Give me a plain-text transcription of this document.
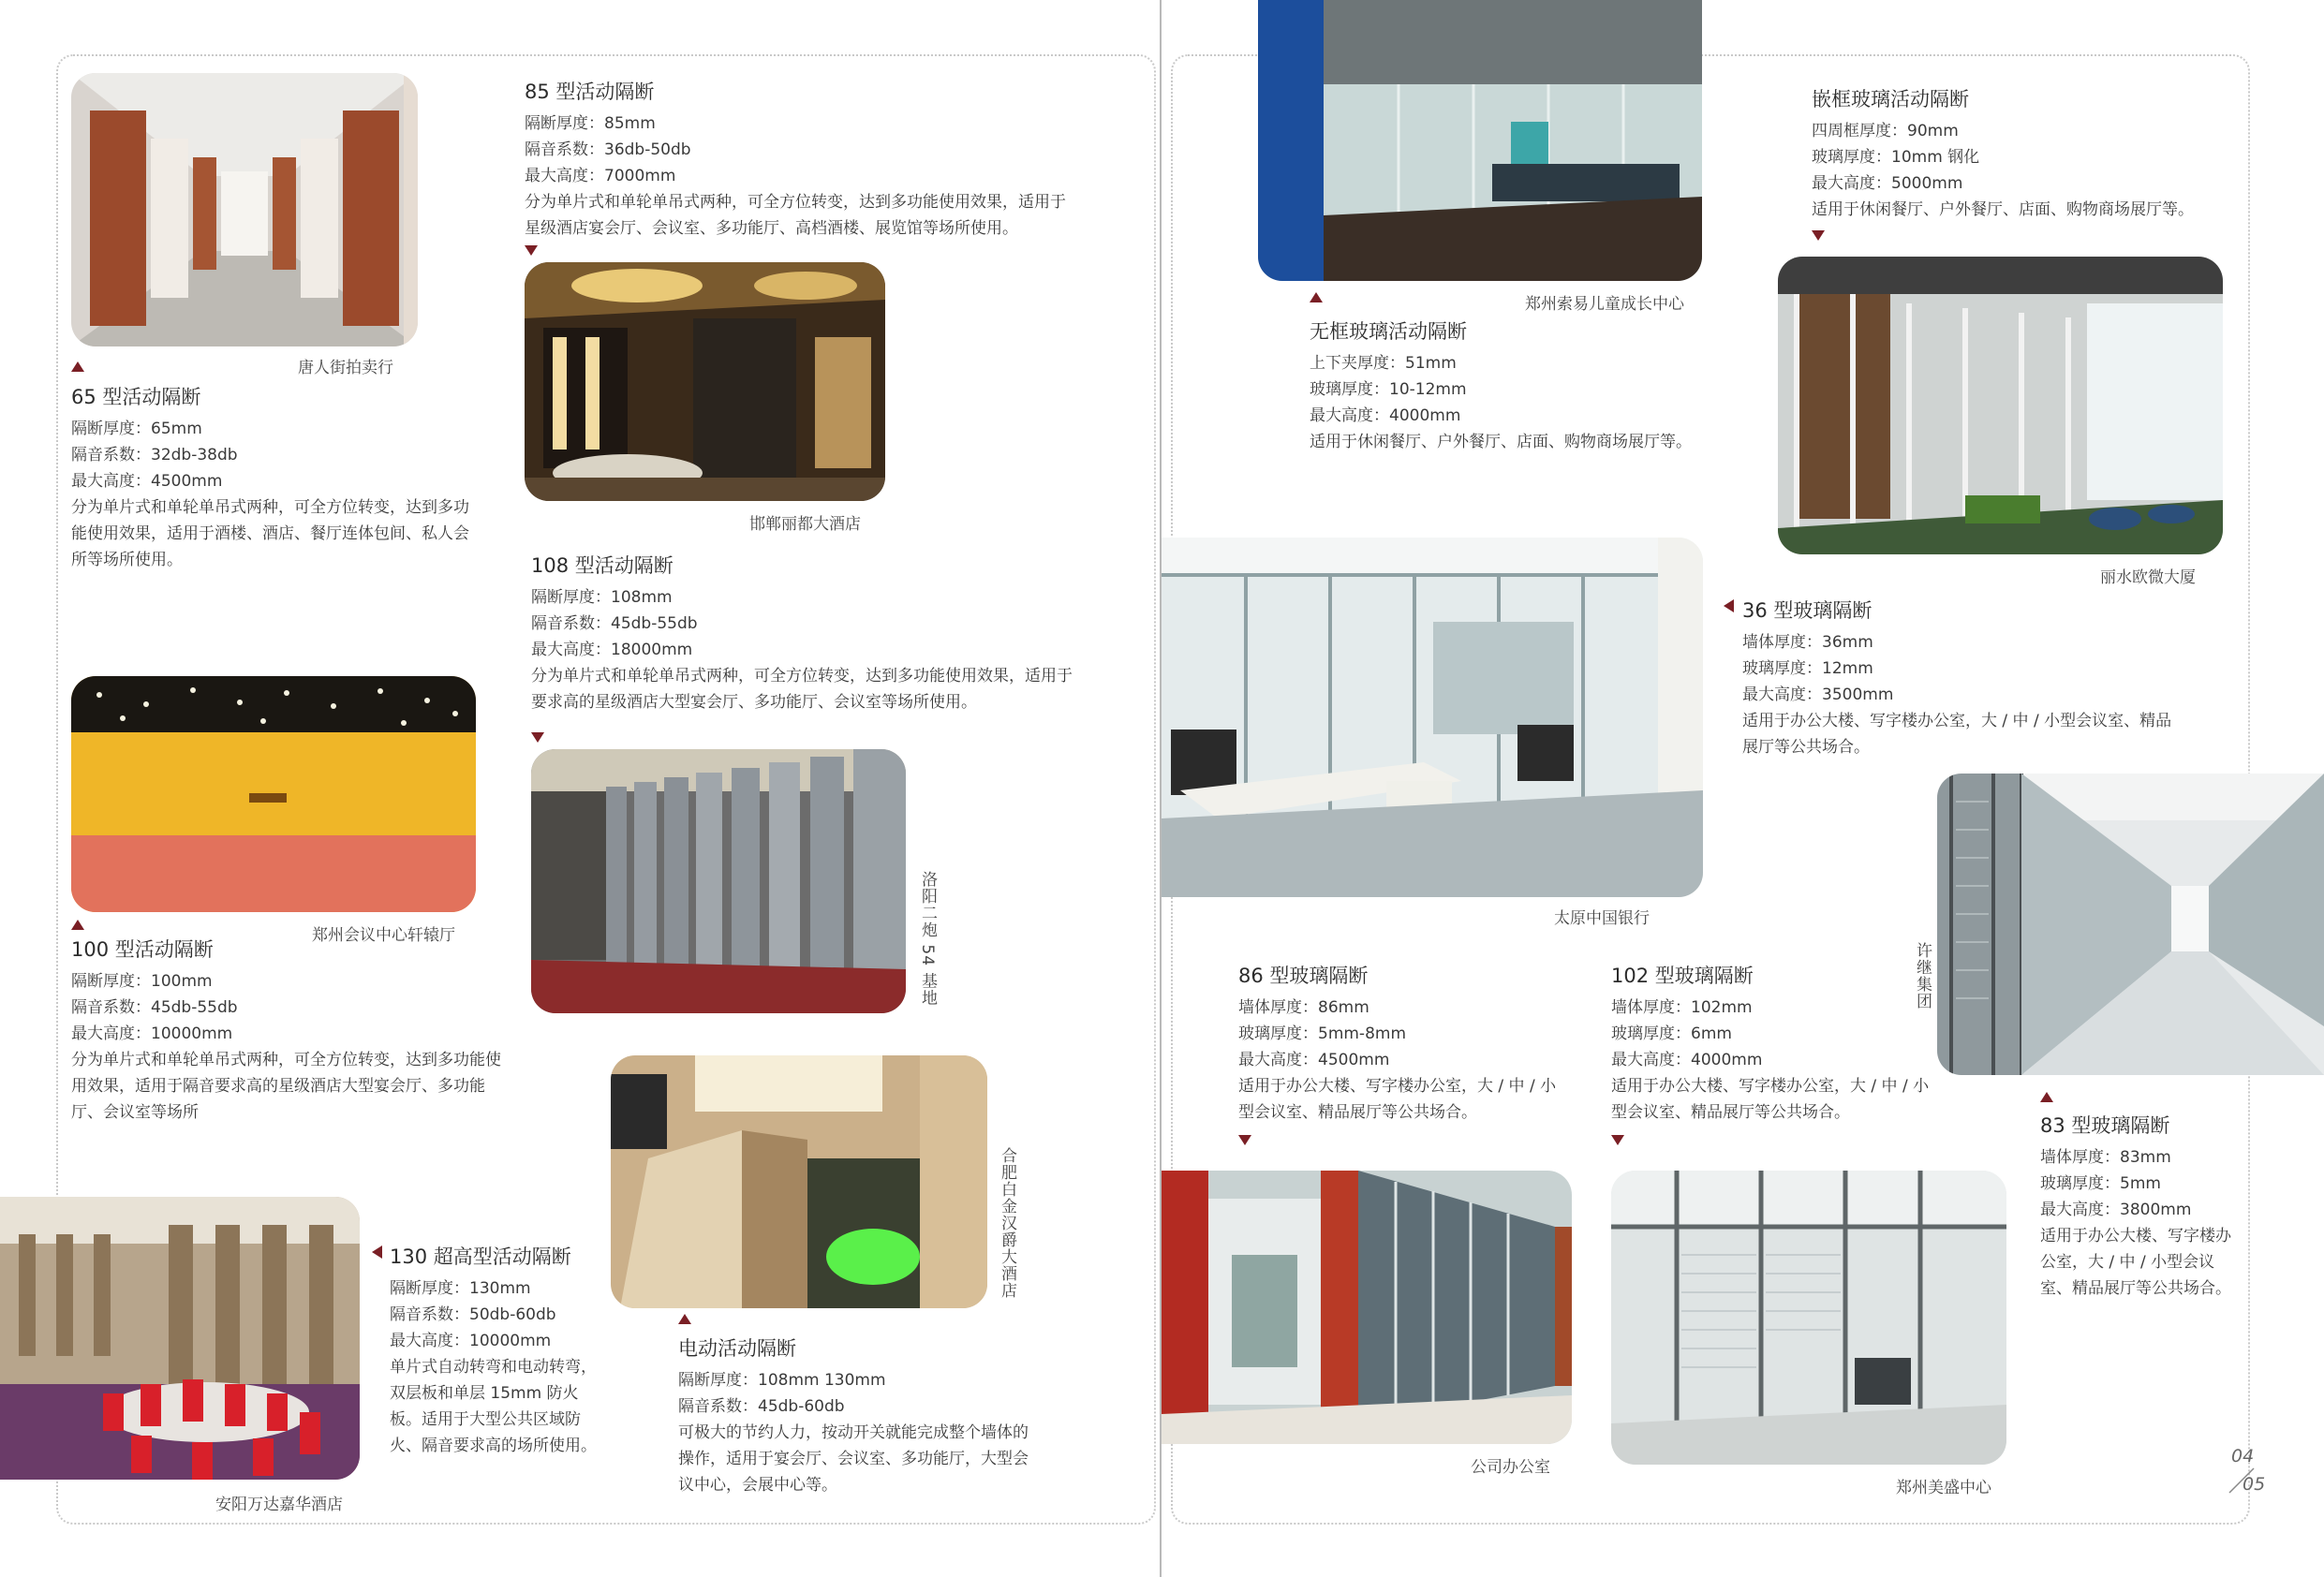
唐人街拍卖行
65 型活动隔断
隔断厚度：65mm
隔音系数：32db-38db
最大高度：4500mm
分为单片式和单轮单吊式两种，可全方位转变，达到多功能使用效果，适用于酒楼、酒店、餐厅连体包间、私人会所等场所使用。
85 型活动隔断
隔断厚度：85mm
隔音系数：36db-50db
最大高度：7000mm
分为单片式和单轮单吊式两种，可全方位转变，达到多功能使用效果，适用于星级酒店宴会厅、会议室、多功能厅、高档酒楼、展览馆等场所使用。
邯郸丽都大酒店
108 型活动隔断
隔断厚度：108mm
隔音系数：45db-55db
最大高度：18000mm
分为单片式和单轮单吊式两种，可全方位转变，达到多功能使用效果，适用于要求高的星级酒店大型宴会厅、多功能厅、会议室等场所使用。
洛阳二炮 54 基地
郑州会议中心轩辕厅
100 型活动隔断
隔断厚度：100mm
隔音系数：45db-55db
最大高度：10000mm
分为单片式和单轮单吊式两种，可全方位转变，达到多功能使用效果，适用于隔音要求高的星级酒店大型宴会厅、多功能厅、会议室等场所
合肥白金汉爵大酒店
电动活动隔断
隔断厚度：108mm 130mm
隔音系数：45db-60db
可极大的节约人力，按动开关就能完成整个墙体的操作，适用于宴会厅、会议室、多功能厅，大型会议中心，会展中心等。
安阳万达嘉华酒店
130 超高型活动隔断
隔断厚度：130mm
隔音系数：50db-60db
最大高度：10000mm
单片式自动转弯和电动转弯，双层板和单层 15mm 防火板。适用于大型公共区域防火、隔音要求高的场所使用。
郑州索易儿童成长中心
无框玻璃活动隔断
上下夹厚度：51mm
玻璃厚度：10-12mm
最大高度：4000mm
适用于休闲餐厅、户外餐厅、店面、购物商场展厅等。
嵌框玻璃活动隔断
四周框厚度：90mm
玻璃厚度：10mm 钢化
最大高度：5000mm
适用于休闲餐厅、户外餐厅、店面、购物商场展厅等。
丽水欧微大厦
36 型玻璃隔断
墙体厚度：36mm
玻璃厚度：12mm
最大高度：3500mm
适用于办公大楼、写字楼办公室，大 / 中 / 小型会议室、精品展厅等公共场合。
太原中国银行
许继集团
83 型玻璃隔断
墙体厚度：83mm
玻璃厚度：5mm
最大高度：3800mm
适用于办公大楼、写字楼办公室，大 / 中 / 小型会议室、精品展厅等公共场合。
86 型玻璃隔断
墙体厚度：86mm
玻璃厚度：5mm-8mm
最大高度：4500mm
适用于办公大楼、写字楼办公室，大 / 中 / 小型会议室、精品展厅等公共场合。
102 型玻璃隔断
墙体厚度：102mm
玻璃厚度：6mm
最大高度：4000mm
适用于办公大楼、写字楼办公室，大 / 中 / 小型会议室、精品展厅等公共场合。
公司办公室
郑州美盛中心
04
05
